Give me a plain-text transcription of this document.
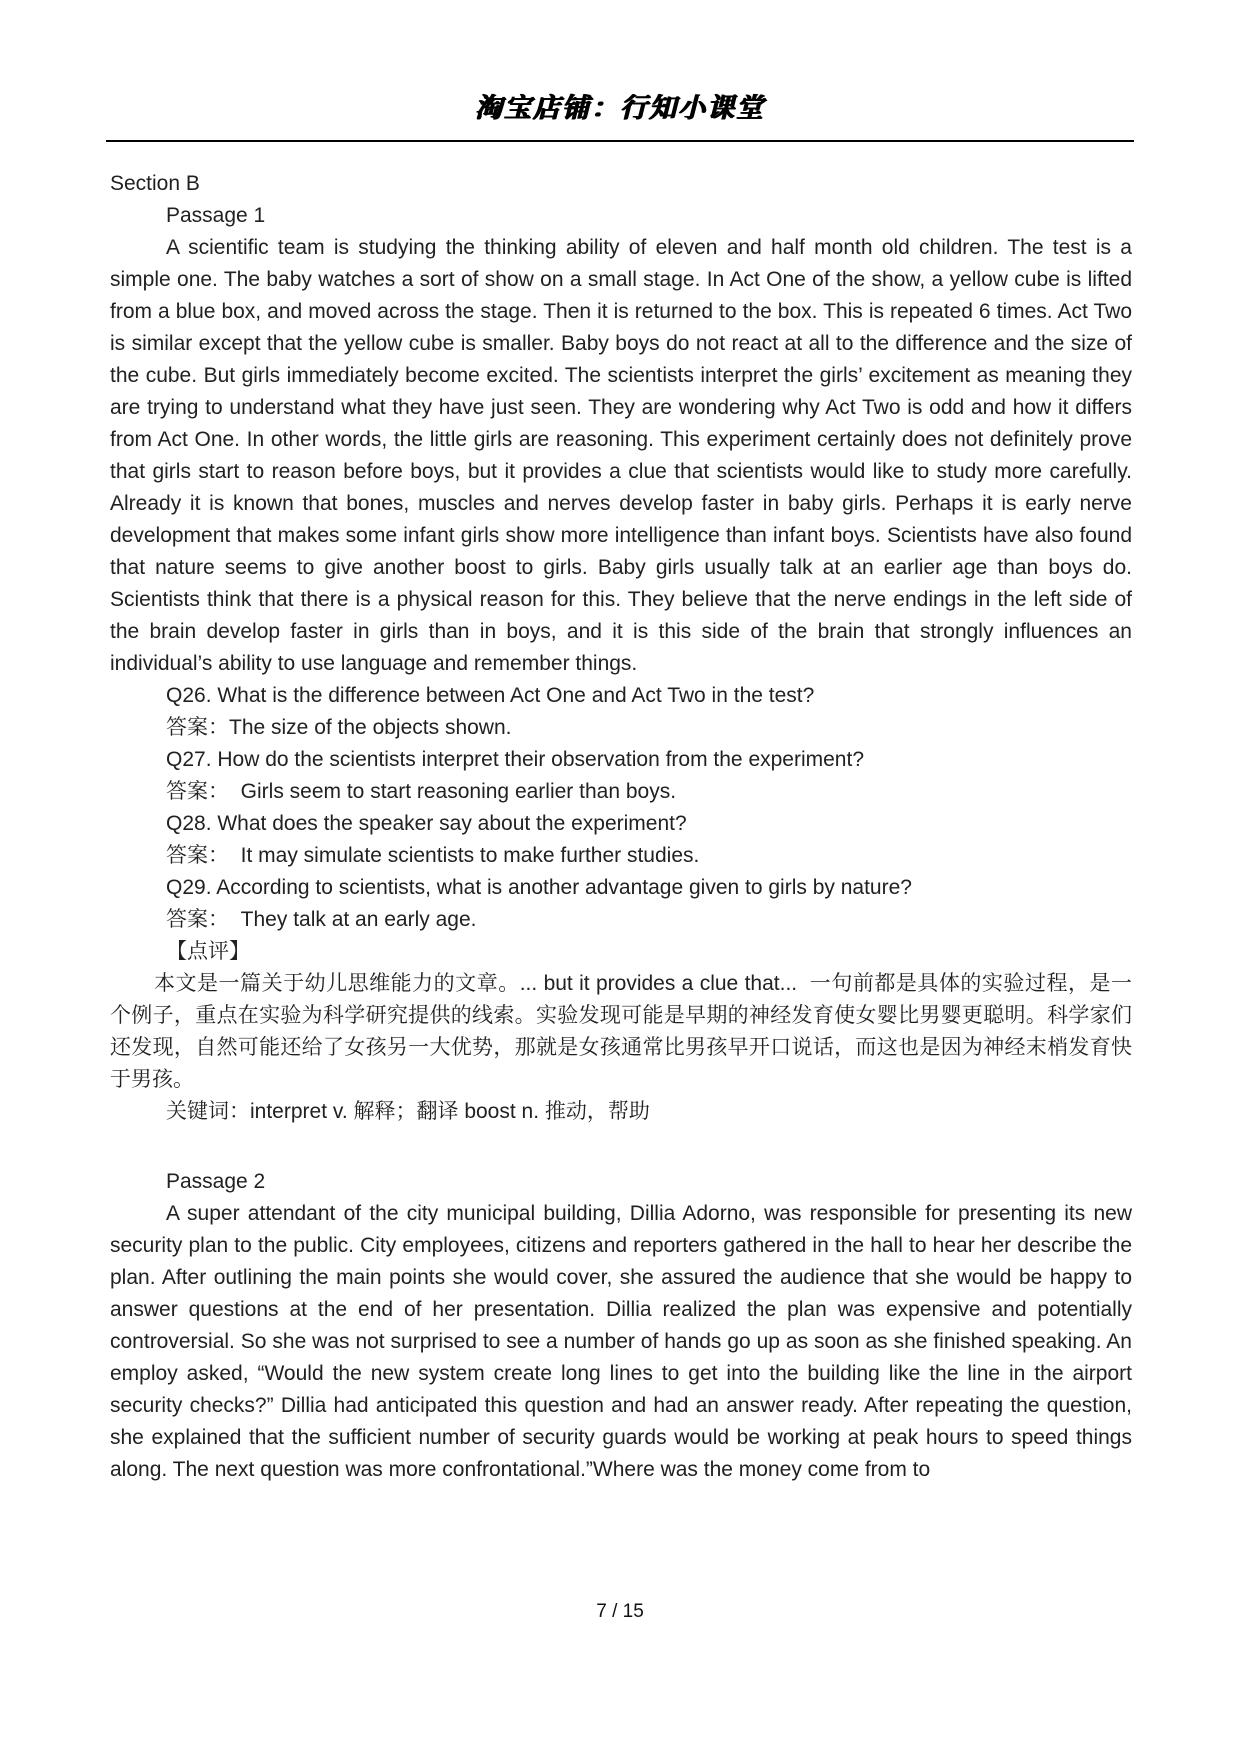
淘宝店铺：行知小课堂
Section B
Passage 1

A scientific team is studying the thinking ability of eleven and half month old children. The test is a simple one. The baby watches a sort of show on a small stage. In Act One of the show, a yellow cube is lifted from a blue box, and moved across the stage. Then it is returned to the box. This is repeated 6 times. Act Two is similar except that the yellow cube is smaller. Baby boys do not react at all to the difference and the size of the cube. But girls immediately become excited. The scientists interpret the girls’ excitement as meaning they are trying to understand what they have just seen. They are wondering why Act Two is odd and how it differs from Act One. In other words, the little girls are reasoning. This experiment certainly does not definitely prove that girls start to reason before boys, but it provides a clue that scientists would like to study more carefully. Already it is known that bones, muscles and nerves develop faster in baby girls. Perhaps it is early nerve development that makes some infant girls show more intelligence than infant boys. Scientists have also found that nature seems to give another boost to girls. Baby girls usually talk at an earlier age than boys do. Scientists think that there is a physical reason for this. They believe that the nerve endings in the left side of the brain develop faster in girls than in boys, and it is this side of the brain that strongly influences an individual’s ability to use language and remember things.

Q26. What is the difference between Act One and Act Two in the test?
答案：The size of the objects shown.
Q27. How do the scientists interpret their observation from the experiment?
答案：  Girls seem to start reasoning earlier than boys.
Q28. What does the speaker say about the experiment?
答案：  It may simulate scientists to make further studies.
Q29. According to scientists, what is another advantage given to girls by nature?
答案：  They talk at an early age.
【点评】

本文是一篇关于幼儿思维能力的文章。... but it provides a clue that...  一句前都是具体的实验过程，是一个例子，重点在实验为科学研究提供的线索。实验发现可能是早期的神经发育使女婴比男婴更聪明。科学家们还发现，自然可能还给了女孩另一大优势，那就是女孩通常比男孩早开口说话，而这也是因为神经末梢发育快于男孩。

关键词：interpret v. 解释；翻译 boost n. 推动，帮助
Passage 2

A super attendant of the city municipal building, Dillia Adorno, was responsible for presenting its new security plan to the public. City employees, citizens and reporters gathered in the hall to hear her describe the plan. After outlining the main points she would cover, she assured the audience that she would be happy to answer questions at the end of her presentation. Dillia realized the plan was expensive and potentially controversial. So she was not surprised to see a number of hands go up as soon as she finished speaking. An employ asked, “Would the new system create long lines to get into the building like the line in the airport security checks?” Dillia had anticipated this question and had an answer ready. After repeating the question, she explained that the sufficient number of security guards would be working at peak hours to speed things along. The next question was more confrontational.”Where was the money come from to

7 / 15
